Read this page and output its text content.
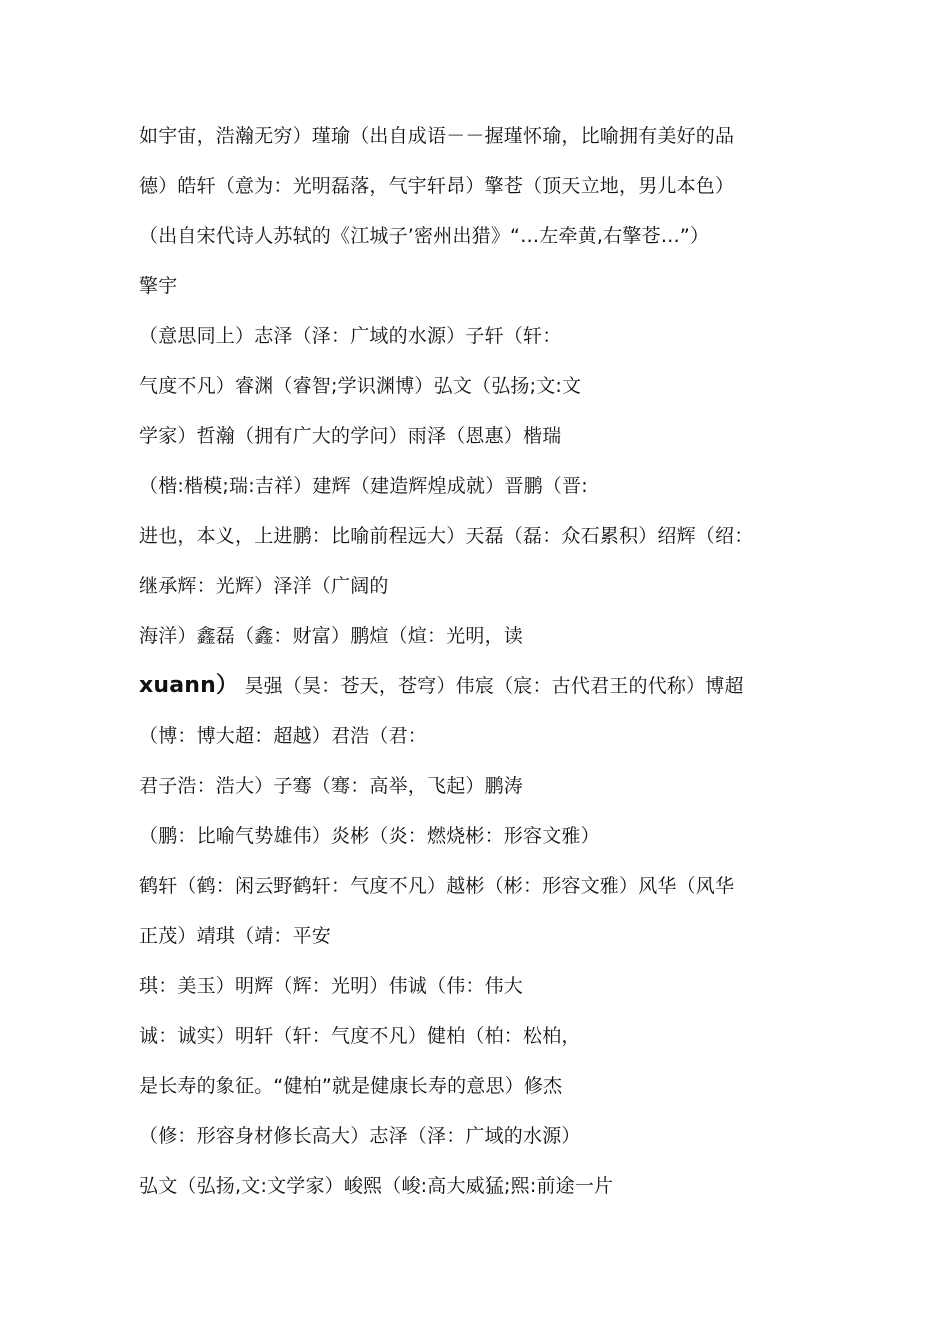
如宇宙，浩瀚无穷）瑾瑜（出自成语－－握瑾怀瑜，比喻拥有美好的品
德）皓轩（意为：光明磊落，气宇轩昂）擎苍（顶天立地，男儿本色）
（出自宋代诗人苏轼的《江城子’密州出猎》“…左牵黄,右擎苍…”）
擎宇
（意思同上）志泽（泽：广域的水源）子轩（轩：
气度不凡）睿渊（睿智;学识渊博）弘文（弘扬;文:文
学家）哲瀚（拥有广大的学问）雨泽（恩惠）楷瑞
（楷:楷模;瑞:吉祥）建辉（建造辉煌成就）晋鹏（晋:
进也，本义，上进鹏：比喻前程远大）天磊（磊：众石累积）绍辉（绍：
继承辉：光辉）泽洋（广阔的
海洋）鑫磊（鑫：财富）鹏煊（煊：光明，读
xuann） 昊强（昊：苍天，苍穹）伟宸（宸：古代君王的代称）博超
（博：博大超：超越）君浩（君：
君子浩：浩大）子骞（骞：高举，飞起）鹏涛
（鹏：比喻气势雄伟）炎彬（炎：燃烧彬：形容文雅）
鹤轩（鹤：闲云野鹤轩：气度不凡）越彬（彬：形容文雅）风华（风华
正茂）靖琪（靖：平安
琪：美玉）明辉（辉：光明）伟诚（伟：伟大
诚：诚实）明轩（轩：气度不凡）健柏（柏：松柏，
是长寿的象征。“健柏”就是健康长寿的意思）修杰
（修：形容身材修长高大）志泽（泽：广域的水源）
弘文（弘扬,文:文学家）峻熙（峻:高大威猛;熙:前途一片
